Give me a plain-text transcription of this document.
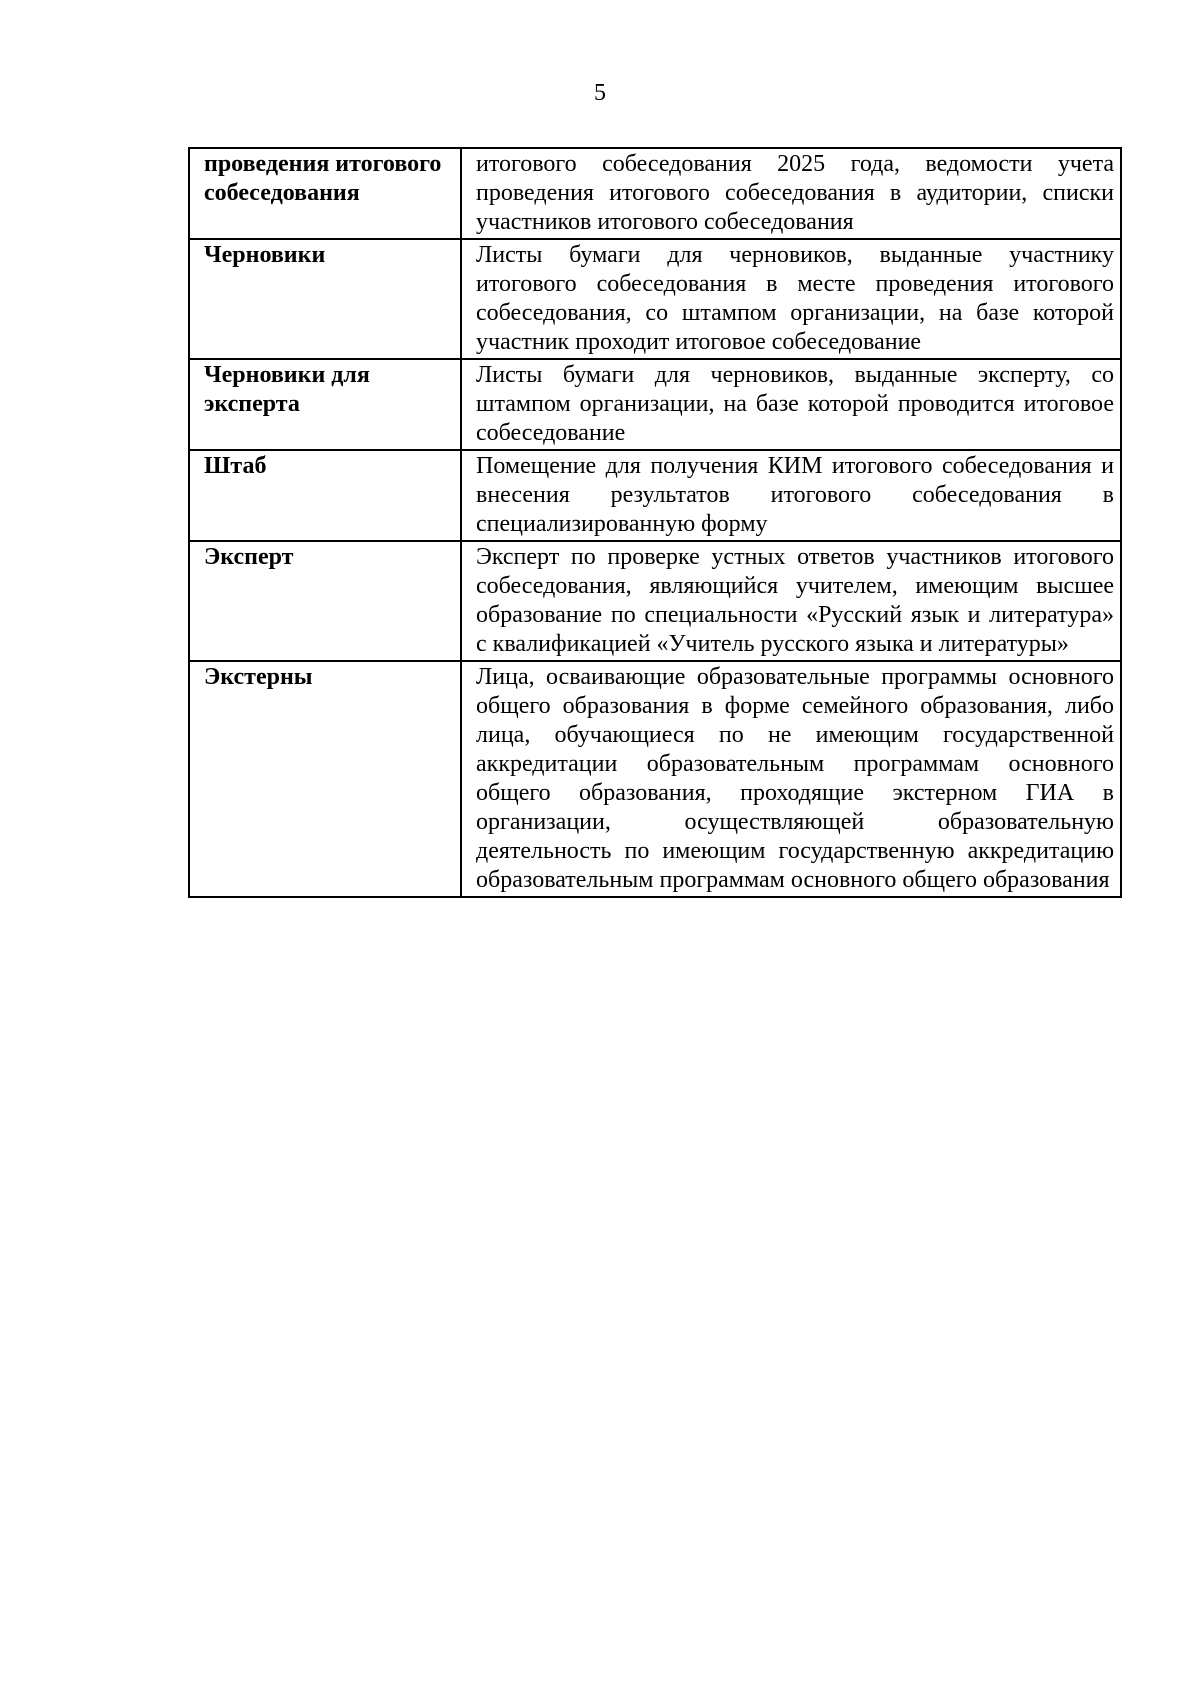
5
проведения итогового собеседования	итогового собеседования 2025 года, ведомости учета проведения итогового собеседования в аудитории, списки участников итогового собеседования
Черновики	Листы бумаги для черновиков, выданные участнику итогового собеседования в месте проведения итогового собеседования, со штампом организации, на базе которой участник проходит итоговое собеседование
Черновики для эксперта	Листы бумаги для черновиков, выданные эксперту, со штампом организации, на базе которой проводится итоговое собеседование
Штаб	Помещение для получения КИМ итогового собеседования и внесения результатов итогового собеседования в специализированную форму
Эксперт	Эксперт по проверке устных ответов участников итогового собеседования, являющийся учителем, имеющим высшее образование по специальности «Русский язык и литература» с квалификацией «Учитель русского языка и литературы»
Экстерны	Лица, осваивающие образовательные программы основного общего образования в форме семейного образования, либо лица, обучающиеся по не имеющим государственной аккредитации образовательным программам основного общего образования, проходящие экстерном ГИА в организации, осуществляющей образовательную деятельность по имеющим государственную аккредитацию образовательным программам основного общего образования
